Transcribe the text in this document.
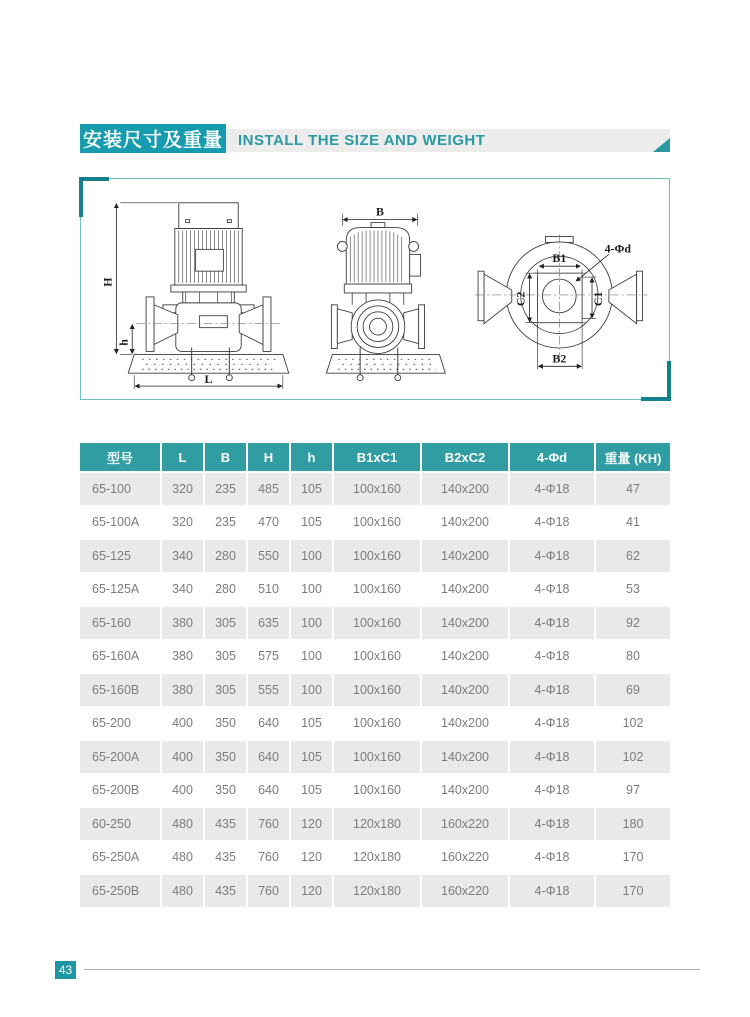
安装尺寸及重量 INSTALL THE SIZE AND WEIGHT
H
h
L
B
B1
B2
C2	C1
4-Φd
型号	L	B	H	h	B1xC1	B2xC2	4-Φd	重量 (KH)
65-100	320	235	485	105	100x160	140x200	4-Φ18	47
65-100A	320	235	470	105	100x160	140x200	4-Φ18	41
65-125	340	280	550	100	100x160	140x200	4-Φ18	62
65-125A	340	280	510	100	100x160	140x200	4-Φ18	53
65-160	380	305	635	100	100x160	140x200	4-Φ18	92
65-160A	380	305	575	100	100x160	140x200	4-Φ18	80
65-160B	380	305	555	100	100x160	140x200	4-Φ18	69
65-200	400	350	640	105	100x160	140x200	4-Φ18	102
65-200A	400	350	640	105	100x160	140x200	4-Φ18	102
65-200B	400	350	640	105	100x160	140x200	4-Φ18	97
60-250	480	435	760	120	120x180	160x220	4-Φ18	180
65-250A	480	435	760	120	120x180	160x220	4-Φ18	170
65-250B	480	435	760	120	120x180	160x220	4-Φ18	170
43
